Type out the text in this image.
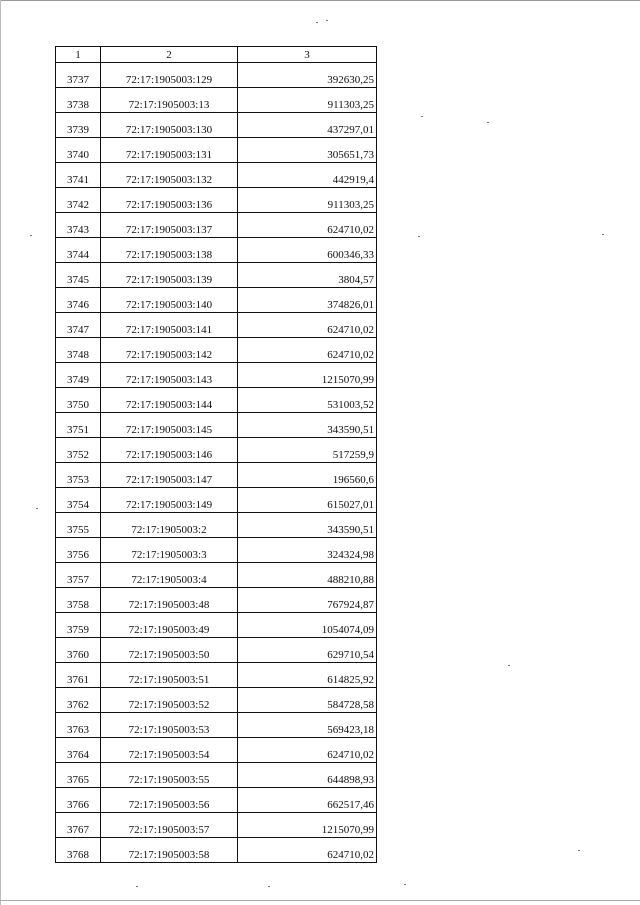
1	2	3
3737	72:17:1905003:129	392630,25
3738	72:17:1905003:13	911303,25
3739	72:17:1905003:130	437297,01
3740	72:17:1905003:131	305651,73
3741	72:17:1905003:132	442919,4
3742	72:17:1905003:136	911303,25
3743	72:17:1905003:137	624710,02
3744	72:17:1905003:138	600346,33
3745	72:17:1905003:139	3804,57
3746	72:17:1905003:140	374826,01
3747	72:17:1905003:141	624710,02
3748	72:17:1905003:142	624710,02
3749	72:17:1905003:143	1215070,99
3750	72:17:1905003:144	531003,52
3751	72:17:1905003:145	343590,51
3752	72:17:1905003:146	517259,9
3753	72:17:1905003:147	196560,6
3754	72:17:1905003:149	615027,01
3755	72:17:1905003:2	343590,51
3756	72:17:1905003:3	324324,98
3757	72:17:1905003:4	488210,88
3758	72:17:1905003:48	767924,87
3759	72:17:1905003:49	1054074,09
3760	72:17:1905003:50	629710,54
3761	72:17:1905003:51	614825,92
3762	72:17:1905003:52	584728,58
3763	72:17:1905003:53	569423,18
3764	72:17:1905003:54	624710,02
3765	72:17:1905003:55	644898,93
3766	72:17:1905003:56	662517,46
3767	72:17:1905003:57	1215070,99
3768	72:17:1905003:58	624710,02
